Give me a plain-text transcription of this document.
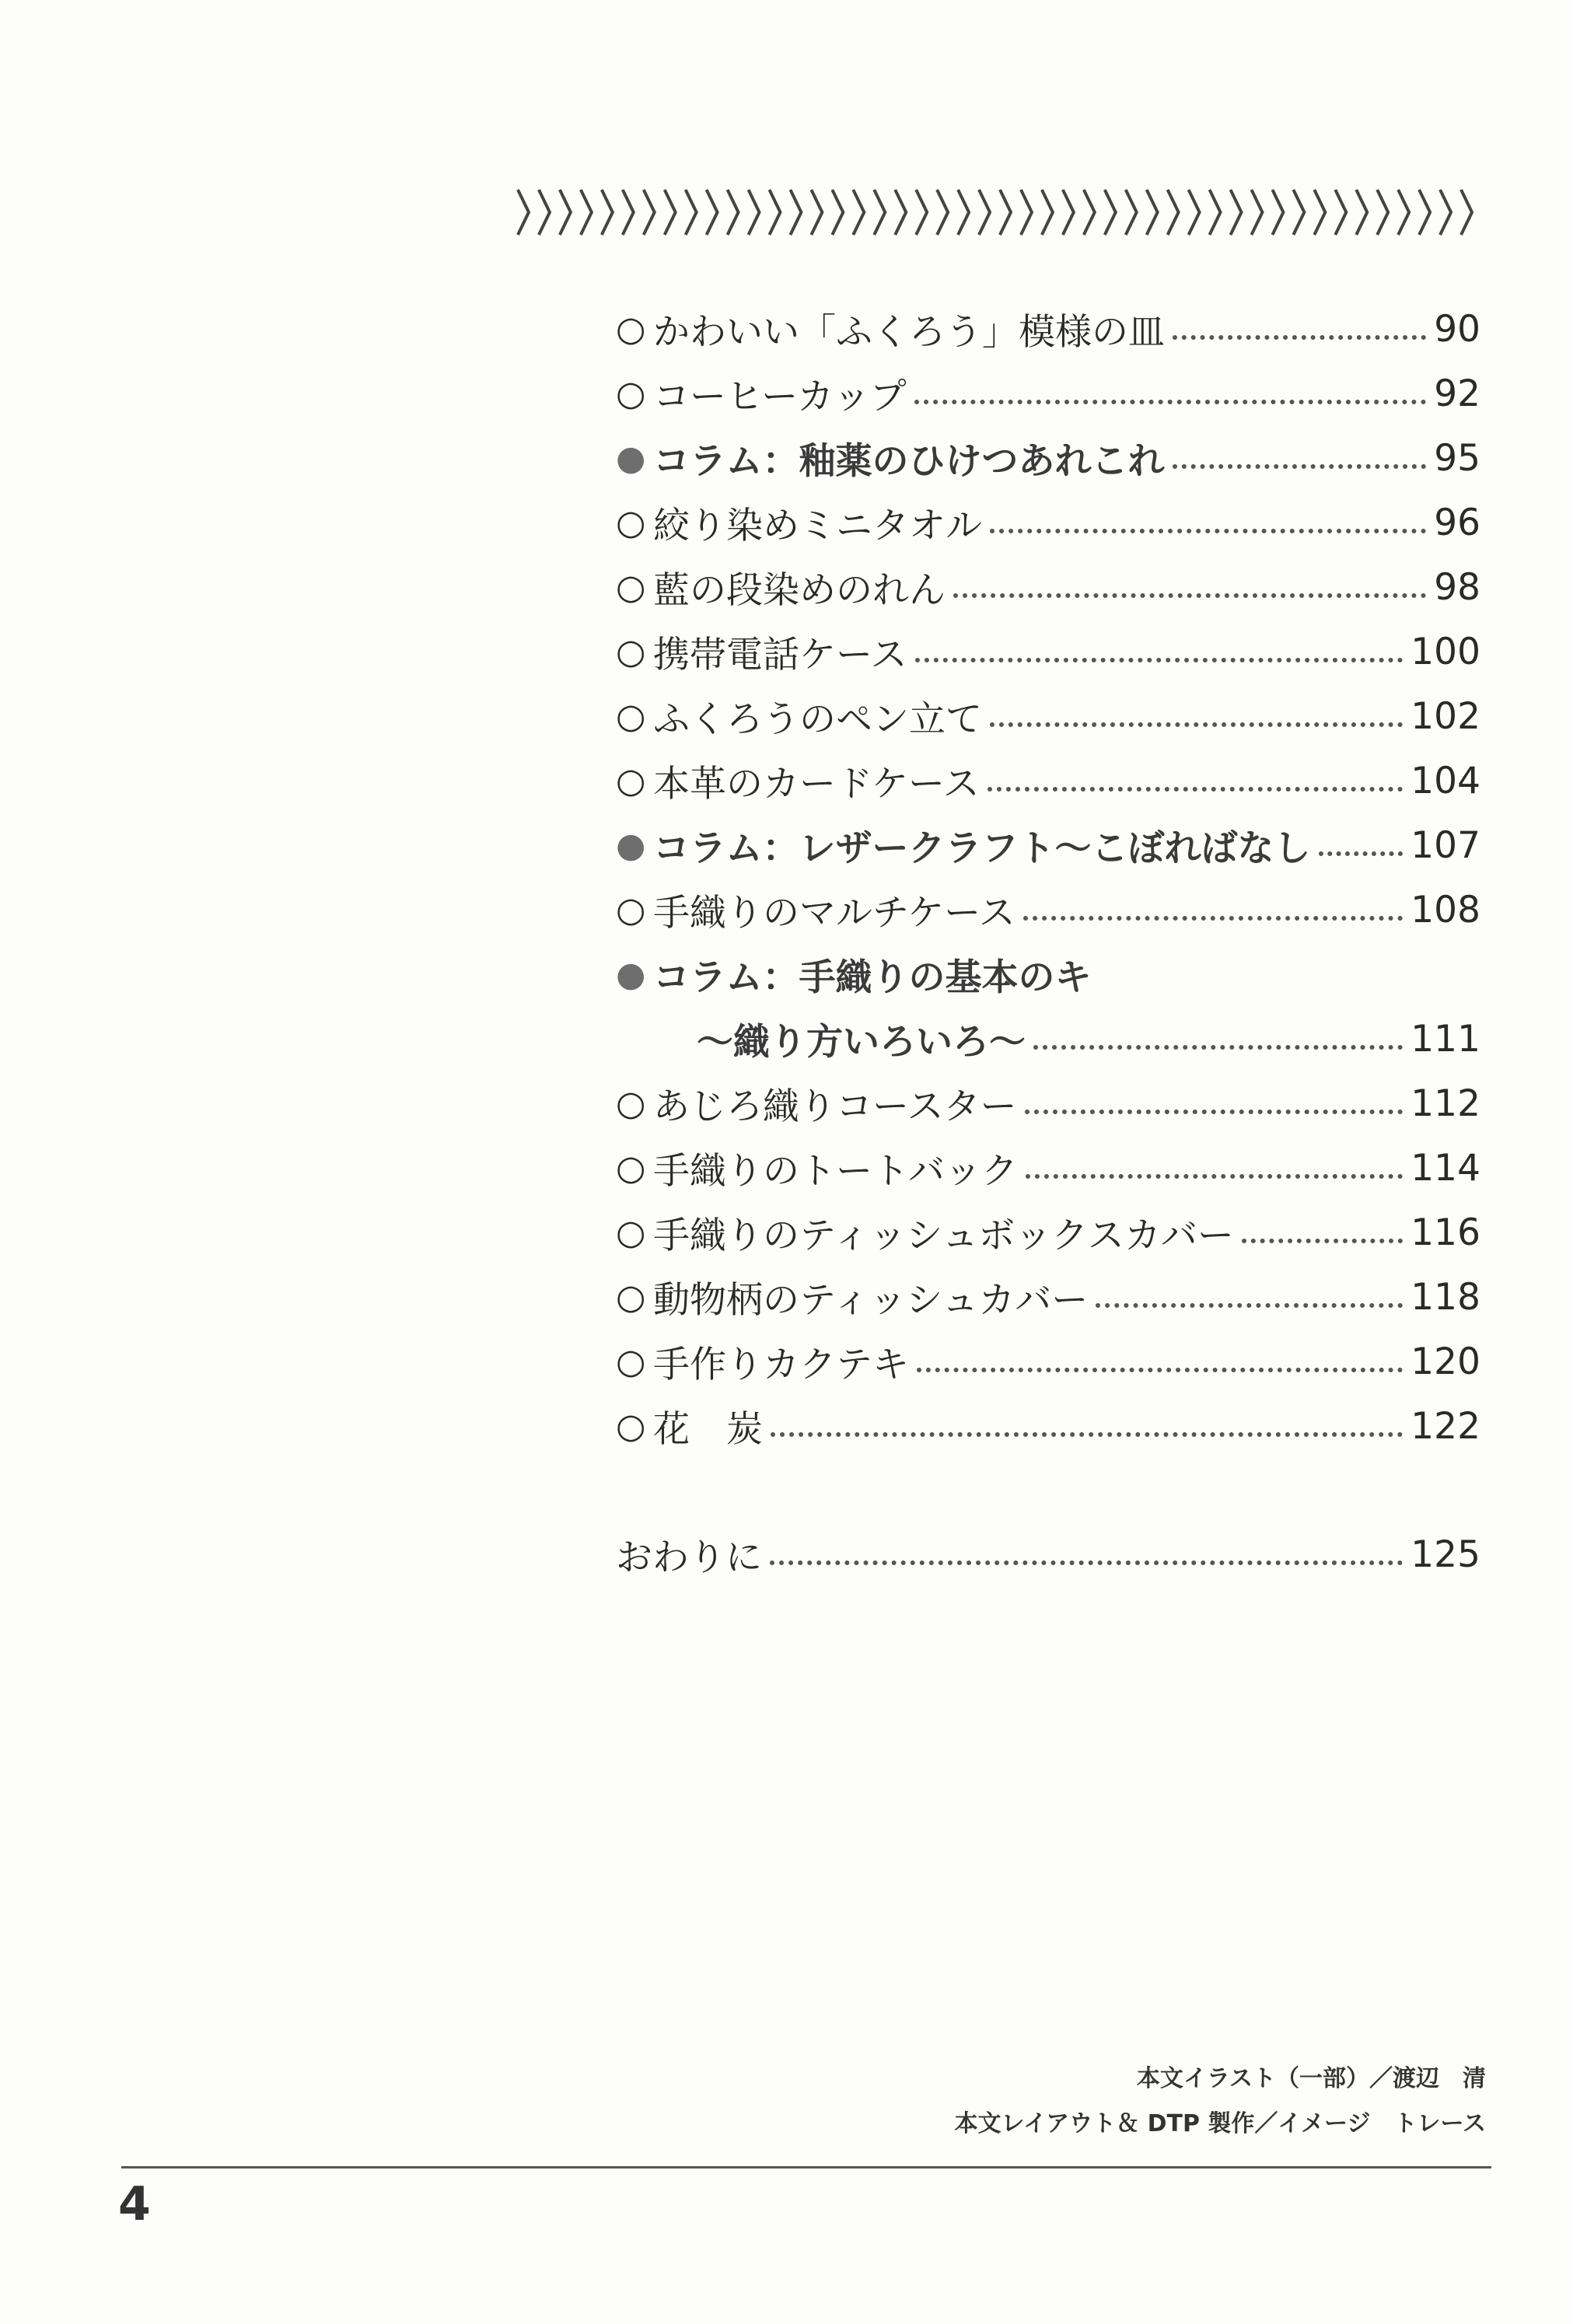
○ かわいい「ふくろう」模様の皿	90
○ コーヒーカップ	92
● コラム：釉薬のひけつあれこれ	95
○ 絞り染めミニタオル	96
○ 藍の段染めのれん	98
○ 携帯電話ケース	100
○ ふくろうのペン立て	102
○ 本革のカードケース	104
● コラム：レザークラフト〜こぼればなし	107
○ 手織りのマルチケース	108
● コラム：手織りの基本のキ
〜織り方いろいろ〜	111
○ あじろ織りコースター	112
○ 手織りのトートバック	114
○ 手織りのティッシュボックスカバー	116
○ 動物柄のティッシュカバー	118
○ 手作りカクテキ	120
○ 花　炭	122
おわりに	125
本文イラスト（一部）／渡辺　清
本文レイアウト＆ DTP 製作／イメージ　トレース
4
